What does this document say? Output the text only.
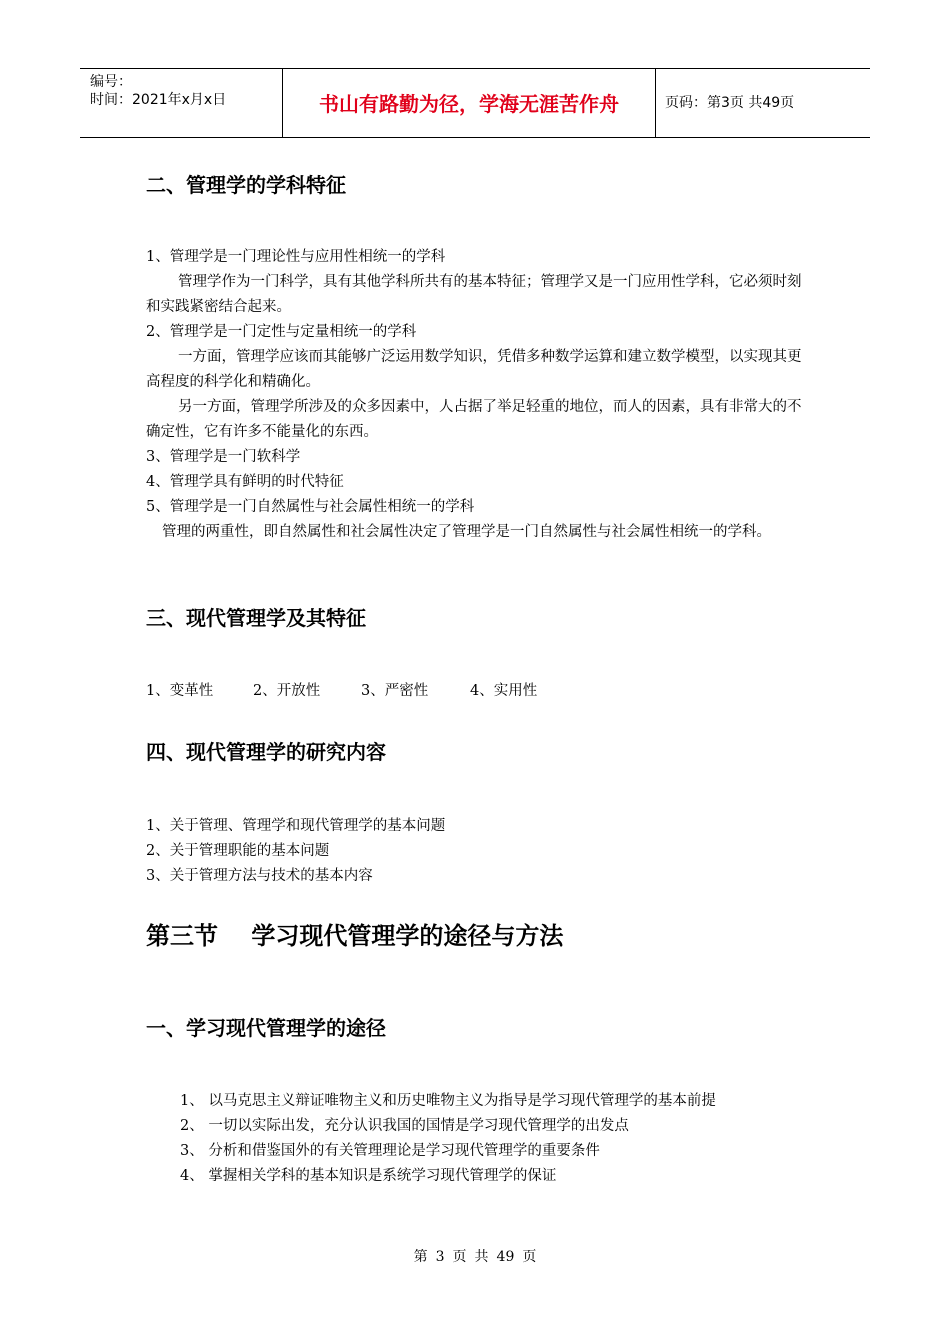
编号：
时间：2021年x月x日	书山有路勤为径，学海无涯苦作舟	页码：第3页 共49页
二、管理学的学科特征
1、管理学是一门理论性与应用性相统一的学科
管理学作为一门科学，具有其他学科所共有的基本特征；管理学又是一门应用性学科，它必须时刻和实践紧密结合起来。
2、管理学是一门定性与定量相统一的学科
一方面，管理学应该而其能够广泛运用数学知识，凭借多种数学运算和建立数学模型，以实现其更高程度的科学化和精确化。
另一方面，管理学所涉及的众多因素中，人占据了举足轻重的地位，而人的因素，具有非常大的不确定性，它有许多不能量化的东西。
3、管理学是一门软科学
4、管理学具有鲜明的时代特征
5、管理学是一门自然属性与社会属性相统一的学科
管理的两重性，即自然属性和社会属性决定了管理学是一门自然属性与社会属性相统一的学科。
三、现代管理学及其特征
1、变革性	2、开放性	3、严密性	4、实用性
四、现代管理学的研究内容
1、关于管理、管理学和现代管理学的基本问题
2、关于管理职能的基本问题
3、关于管理方法与技术的基本内容
第三节    学习现代管理学的途径与方法
一、学习现代管理学的途径
1、 以马克思主义辩证唯物主义和历史唯物主义为指导是学习现代管理学的基本前提
2、 一切以实际出发，充分认识我国的国情是学习现代管理学的出发点
3、 分析和借鉴国外的有关管理理论是学习现代管理学的重要条件
4、 掌握相关学科的基本知识是系统学习现代管理学的保证
第 3 页 共 49 页
